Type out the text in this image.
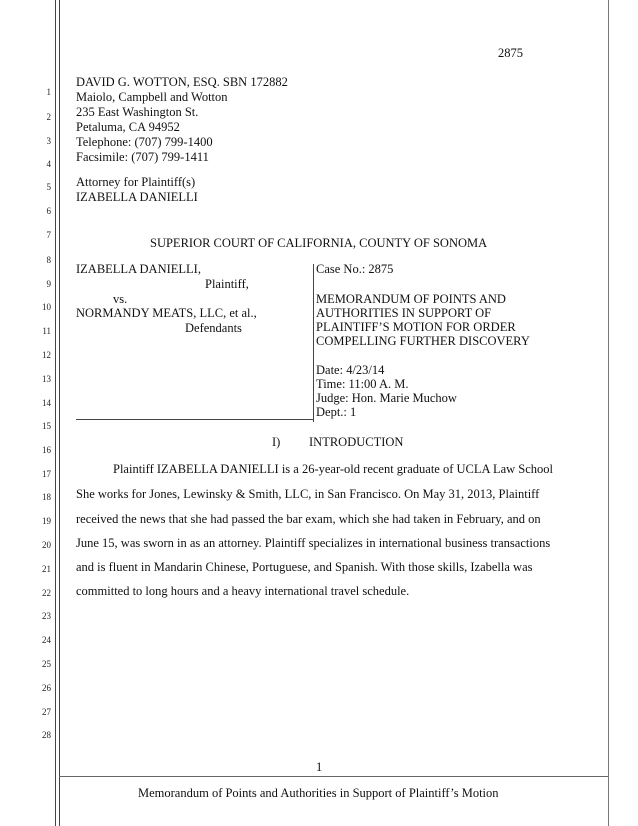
2875
1
2
3
4
5
6
7
8
9
10
11
12
13
14
15
16
17
18
19
20
21
22
23
24
25
26
27
28
DAVID G. WOTTON, ESQ. SBN 172882
Maiolo, Campbell and Wotton
235 East Washington St.
Petaluma, CA 94952
Telephone: (707) 799-1400
Facsimile: (707) 799-1411
Attorney for Plaintiff(s)
IZABELLA DANIELLI
SUPERIOR COURT OF CALIFORNIA, COUNTY OF SONOMA
IZABELLA DANIELLI,
Plaintiff,
vs.
NORMANDY MEATS, LLC, et al.,
Defendants
Case No.: 2875
MEMORANDUM OF POINTS AND
AUTHORITIES IN SUPPORT OF
PLAINTIFF’S MOTION FOR ORDER
COMPELLING FURTHER DISCOVERY
Date: 4/23/14
Time: 11:00 A. M.
Judge: Hon. Marie Muchow
Dept.: 1
I) INTRODUCTION
Plaintiff IZABELLA DANIELLI is a 26-year-old recent graduate of UCLA Law School
She works for Jones, Lewinsky & Smith, LLC, in San Francisco. On May 31, 2013, Plaintiff
received the news that she had passed the bar exam, which she had taken in February, and on
June 15, was sworn in as an attorney. Plaintiff specializes in international business transactions
and is fluent in Mandarin Chinese, Portuguese, and Spanish. With those skills, Izabella was
committed to long hours and a heavy international travel schedule.
1
Memorandum of Points and Authorities in Support of Plaintiff’s Motion
